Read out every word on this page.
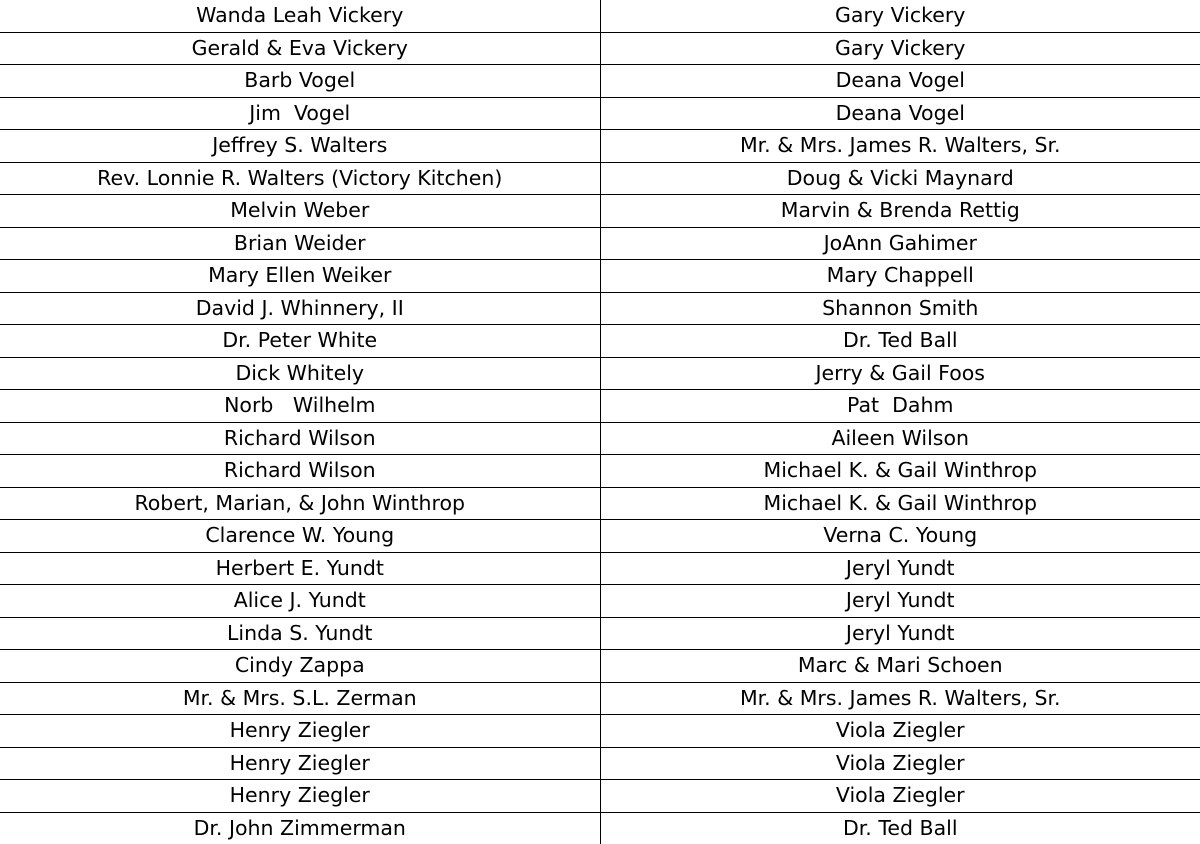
Wanda Leah Vickery	Gary Vickery
Gerald & Eva Vickery	Gary Vickery
Barb Vogel	Deana Vogel
Jim  Vogel	Deana Vogel
Jeffrey S. Walters	Mr. & Mrs. James R. Walters, Sr.
Rev. Lonnie R. Walters (Victory Kitchen)	Doug & Vicki Maynard
Melvin Weber	Marvin & Brenda Rettig
Brian Weider	JoAnn Gahimer
Mary Ellen Weiker	Mary Chappell
David J. Whinnery, II	Shannon Smith
Dr. Peter White	Dr. Ted Ball
Dick Whitely	Jerry & Gail Foos
Norb   Wilhelm	Pat  Dahm
Richard Wilson	Aileen Wilson
Richard Wilson	Michael K. & Gail Winthrop
Robert, Marian, & John Winthrop	Michael K. & Gail Winthrop
Clarence W. Young	Verna C. Young
Herbert E. Yundt	Jeryl Yundt
Alice J. Yundt	Jeryl Yundt
Linda S. Yundt	Jeryl Yundt
Cindy Zappa	Marc & Mari Schoen
Mr. & Mrs. S.L. Zerman	Mr. & Mrs. James R. Walters, Sr.
Henry Ziegler	Viola Ziegler
Henry Ziegler	Viola Ziegler
Henry Ziegler	Viola Ziegler
Dr. John Zimmerman	Dr. Ted Ball
